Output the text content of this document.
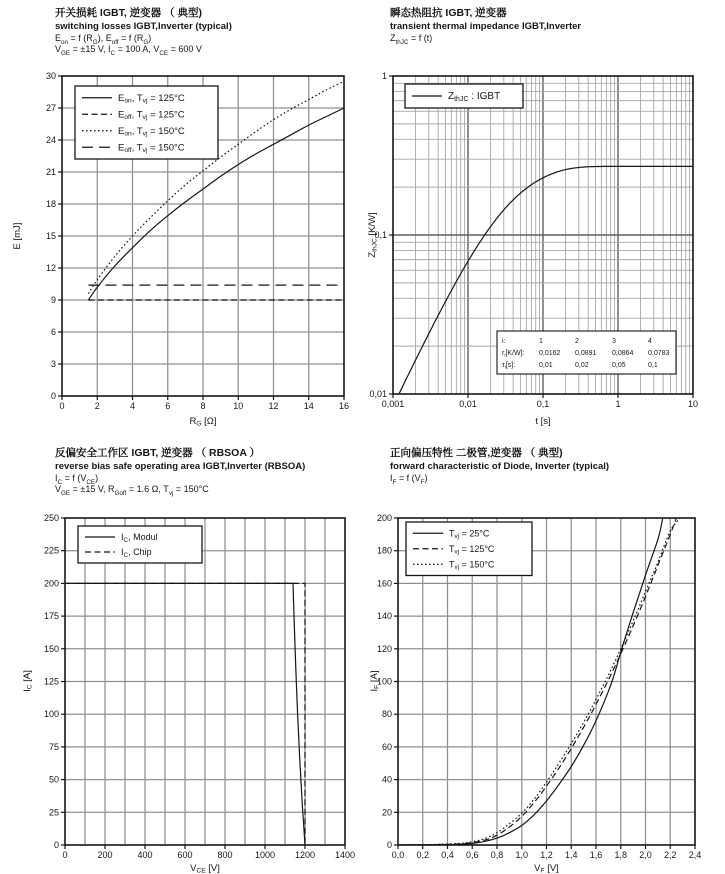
开关损耗 IGBT, 逆变器 （ 典型)

switching losses IGBT,Inverter (typical)

$E_{on} = f$ $(R_G)$, $E_{off} = f$ $(R_G)$

$V_{GE} = \pm 15$ V, $I_C = 100$ A, $V_{CE} = 600$ V

0	2	4	6	8	10	12	14	16
0
3
6
9
12
15
18
21
24
27
30
RG [Ω]
E [mJ]
Eon, Tvj = 125°C
Eoff, Tvj = 125°C
Eon, Tvj = 150°C
Eoff, Tvj = 150°C

瞬态热阻抗 IGBT, 逆变器

transient thermal impedance IGBT,Inverter

$Z_{thJC} = f$ (t)

0,001	0,01	0,1	1	10
0,01
0,1
1
t [s]
ZthJC [K/W]
ZthJC : IGBT
i:	1	2	3	4
$r_i[K/W]$: 0,0162 0,0891 0,0864 0,0783
$\tau_i[s]$:	0,01	0,02	0,05	0,1

反偏安全工作区 IGBT, 逆变器 （ RBSOA ）

reverse bias safe operating area IGBT,Inverter (RBSOA)

$I_C = f$ $(V_{CE})$

$V_{GE} = \pm 15$ V, $R_{Goff} = 1.6$ Ω, $T_{vj} = 150^\circ C$

0	200	400	600	800 1000 1200 1400
0
25
50
75
100
125
150
175
200
225
250
VCE [V]
IC [A]
IC, Modul
IC, Chip

正向偏压特性 二极管,逆变器 （ 典型)

forward characteristic of Diode, Inverter (typical)

$I_F = f$ $(V_F)$

0,0 0,2 0,4 0,6 0,8 1,0 1,2 1,4 1,6 1,8 2,0 2,2 2,4
0
20
40
60
80
100
120
140
160
180
200
VF [V]
IF [A]
Tvj = 25°C
Tvj = 125°C
Tvj = 150°C
